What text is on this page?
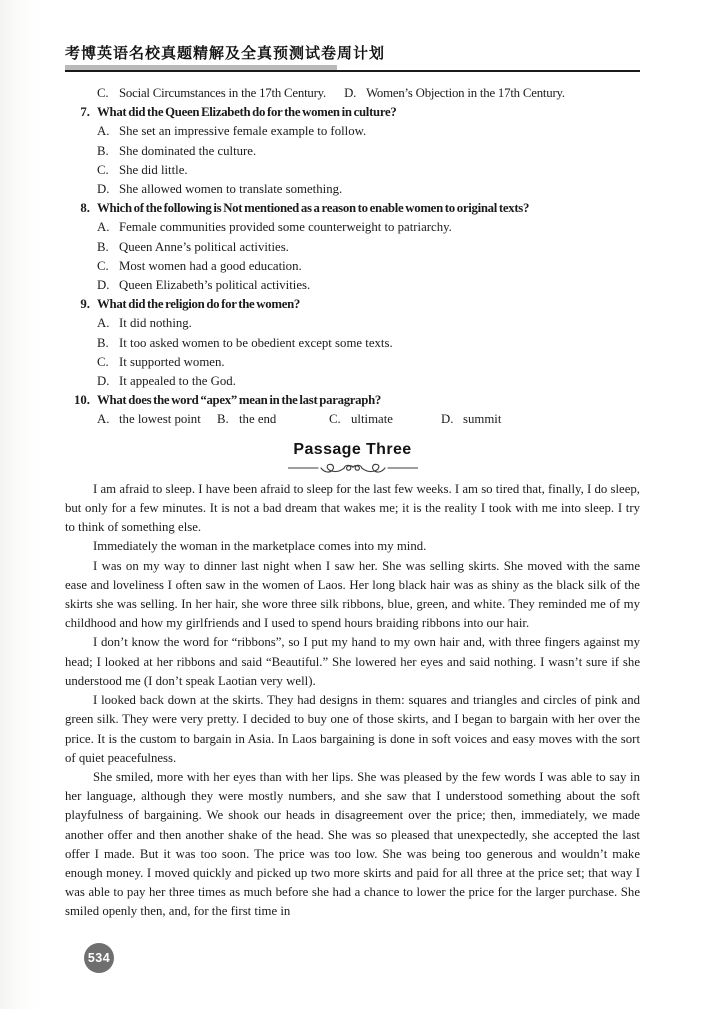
考博英语名校真题精解及全真预测试卷周计划
C. Social Circumstances in the 17th Century. D. Women’s Objection in the 17th Century.
7. What did the Queen Elizabeth do for the women in culture?
A. She set an impressive female example to follow.
B. She dominated the culture.
C. She did little.
D. She allowed women to translate something.
8. Which of the following is Not mentioned as a reason to enable women to original texts?
A. Female communities provided some counterweight to patriarchy.
B. Queen Anne’s political activities.
C. Most women had a good education.
D. Queen Elizabeth’s political activities.
9. What did the religion do for the women?
A. It did nothing.
B. It too asked women to be obedient except some texts.
C. It supported women.
D. It appealed to the God.
10. What does the word “apex” mean in the last paragraph?
A. the lowest point	B. the end	C. ultimate	D. summit
Passage Three

I am afraid to sleep. I have been afraid to sleep for the last few weeks. I am so tired that, finally, I do sleep, but only for a few minutes. It is not a bad dream that wakes me; it is the reality I took with me into sleep. I try to think of something else.

Immediately the woman in the marketplace comes into my mind.

I was on my way to dinner last night when I saw her. She was selling skirts. She moved with the same ease and loveliness I often saw in the women of Laos. Her long black hair was as shiny as the black silk of the skirts she was selling. In her hair, she wore three silk ribbons, blue, green, and white. They reminded me of my childhood and how my girlfriends and I used to spend hours braiding ribbons into our hair.

I don’t know the word for “ribbons”, so I put my hand to my own hair and, with three fingers against my head; I looked at her ribbons and said “Beautiful.” She lowered her eyes and said nothing. I wasn’t sure if she understood me (I don’t speak Laotian very well).

I looked back down at the skirts. They had designs in them: squares and triangles and circles of pink and green silk. They were very pretty. I decided to buy one of those skirts, and I began to bargain with her over the price. It is the custom to bargain in Asia. In Laos bargaining is done in soft voices and easy moves with the sort of quiet peacefulness.

She smiled, more with her eyes than with her lips. She was pleased by the few words I was able to say in her language, although they were mostly numbers, and she saw that I understood something about the soft playfulness of bargaining. We shook our heads in disagreement over the price; then, immediately, we made another offer and then another shake of the head. She was so pleased that unexpectedly, she accepted the last offer I made. But it was too soon. The price was too low. She was being too generous and wouldn’t make enough money. I moved quickly and picked up two more skirts and paid for all three at the price set; that way I was able to pay her three times as much before she had a chance to lower the price for the larger purchase. She smiled openly then, and, for the first time in

534
